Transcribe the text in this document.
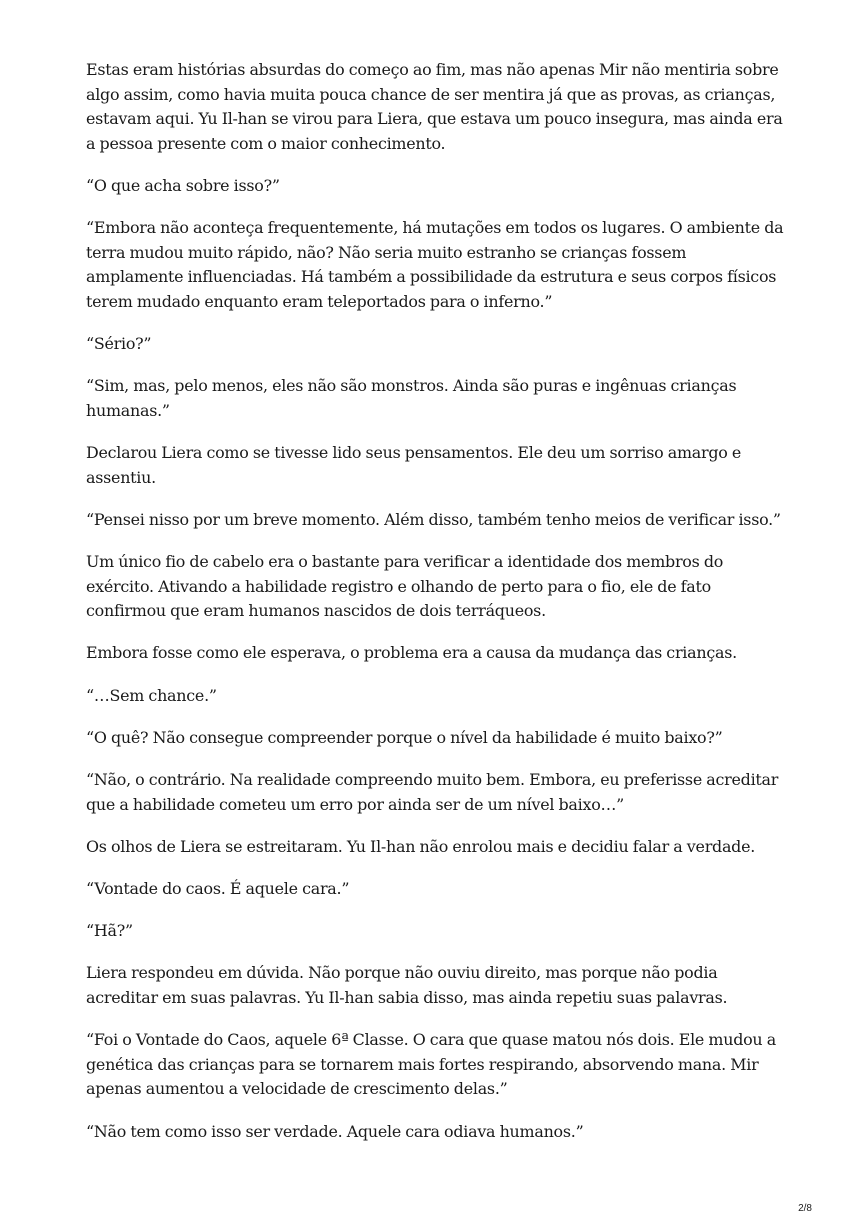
Estas eram histórias absurdas do começo ao fim, mas não apenas Mir não mentiria sobre algo assim, como havia muita pouca chance de ser mentira já que as provas, as crianças, estavam aqui. Yu Il-han se virou para Liera, que estava um pouco insegura, mas ainda era a pessoa presente com o maior conhecimento.

“O que acha sobre isso?”

“Embora não aconteça frequentemente, há mutações em todos os lugares. O ambiente da terra mudou muito rápido, não? Não seria muito estranho se crianças fossem amplamente influenciadas. Há também a possibilidade da estrutura e seus corpos físicos terem mudado enquanto eram teleportados para o inferno.”

“Sério?”

“Sim, mas, pelo menos, eles não são monstros. Ainda são puras e ingênuas crianças humanas.”

Declarou Liera como se tivesse lido seus pensamentos. Ele deu um sorriso amargo e assentiu.

“Pensei nisso por um breve momento. Além disso, também tenho meios de verificar isso.”

Um único fio de cabelo era o bastante para verificar a identidade dos membros do exército. Ativando a habilidade registro e olhando de perto para o fio, ele de fato confirmou que eram humanos nascidos de dois terráqueos.

Embora fosse como ele esperava, o problema era a causa da mudança das crianças.

“…Sem chance.”

“O quê? Não consegue compreender porque o nível da habilidade é muito baixo?”

“Não, o contrário. Na realidade compreendo muito bem. Embora, eu preferisse acreditar que a habilidade cometeu um erro por ainda ser de um nível baixo…”

Os olhos de Liera se estreitaram. Yu Il-han não enrolou mais e decidiu falar a verdade.

“Vontade do caos. É aquele cara.”

“Hã?”

Liera respondeu em dúvida. Não porque não ouviu direito, mas porque não podia acreditar em suas palavras. Yu Il-han sabia disso, mas ainda repetiu suas palavras.

“Foi o Vontade do Caos, aquele 6ª Classe. O cara que quase matou nós dois. Ele mudou a genética das crianças para se tornarem mais fortes respirando, absorvendo mana. Mir apenas aumentou a velocidade de crescimento delas.”

“Não tem como isso ser verdade. Aquele cara odiava humanos.”

2/8
